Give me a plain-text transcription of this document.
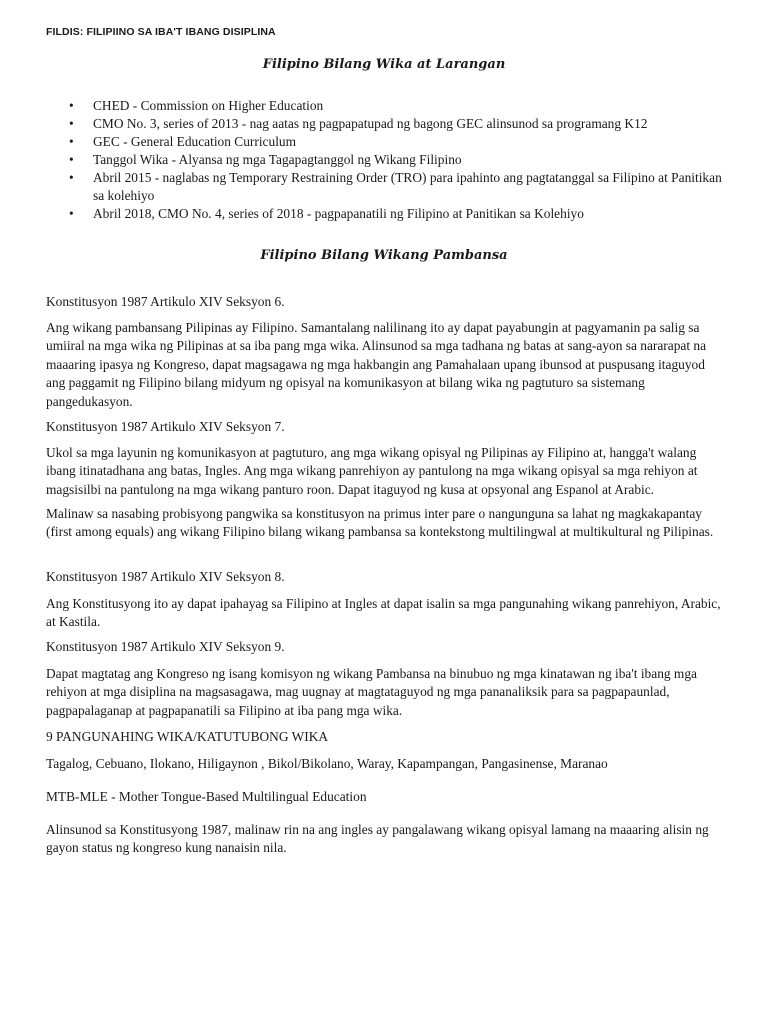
FILDIS: FILIPIINO SA IBA'T IBANG DISIPLINA
Filipino Bilang Wika at Larangan
• CHED - Commission on Higher Education
• CMO No. 3, series of 2013 - nag aatas ng pagpapatupad ng bagong GEC alinsunod sa programang K12
• GEC - General Education Curriculum
• Tanggol Wika - Alyansa ng mga Tagapagtanggol ng Wikang Filipino
• Abril 2015 - naglabas ng Temporary Restraining Order (TRO) para ipahinto ang pagtatanggal sa Filipino at Panitikan sa kolehiyo
• Abril 2018, CMO No. 4, series of 2018 - pagpapanatili ng Filipino at Panitikan sa Kolehiyo
Filipino Bilang Wikang Pambansa

Konstitusyon 1987 Artikulo XIV Seksyon 6.

Ang wikang pambansang Pilipinas ay Filipino. Samantalang nalilinang ito ay dapat payabungin at pagyamanin pa salig sa umiiral na mga wika ng Pilipinas at sa iba pang mga wika. Alinsunod sa mga tadhana ng batas at sang-ayon sa nararapat na maaaring ipasya ng Kongreso, dapat magsagawa ng mga hakbangin ang Pamahalaan upang ibunsod at puspusang itaguyod ang paggamit ng Filipino bilang midyum ng opisyal na komunikasyon at bilang wika ng pagtuturo sa sistemang pangedukasyon.

Konstitusyon 1987 Artikulo XIV Seksyon 7.

Ukol sa mga layunin ng komunikasyon at pagtuturo, ang mga wikang opisyal ng Pilipinas ay Filipino at, hangga't walang ibang itinatadhana ang batas, Ingles. Ang mga wikang panrehiyon ay pantulong na mga wikang opisyal sa mga rehiyon at magsisilbi na pantulong na mga wikang panturo roon. Dapat itaguyod ng kusa at opsyonal ang Espanol at Arabic.

Malinaw sa nasabing probisyong pangwika sa konstitusyon na primus inter pare o nangunguna sa lahat ng magkakapantay (first among equals) ang wikang Filipino bilang wikang pambansa sa kontekstong multilingwal at multikultural ng Pilipinas.

Konstitusyon 1987 Artikulo XIV Seksyon 8.

Ang Konstitusyong ito ay dapat ipahayag sa Filipino at Ingles at dapat isalin sa mga pangunahing wikang panrehiyon, Arabic, at Kastila.

Konstitusyon 1987 Artikulo XIV Seksyon 9.

Dapat magtatag ang Kongreso ng isang komisyon ng wikang Pambansa na binubuo ng mga kinatawan ng iba't ibang mga rehiyon at mga disiplina na magsasagawa, mag uugnay at magtataguyod ng mga pananaliksik para sa pagpapaunlad, pagpapalaganap at pagpapanatili sa Filipino at iba pang mga wika.

9 PANGUNAHING WIKA/KATUTUBONG WIKA

Tagalog, Cebuano, Ilokano, Hiligaynon , Bikol/Bikolano, Waray, Kapampangan, Pangasinense, Maranao

MTB-MLE - Mother Tongue-Based Multilingual Education

Alinsunod sa Konstitusyong 1987, malinaw rin na ang ingles ay pangalawang wikang opisyal lamang na maaaring alisin ng gayon status ng kongreso kung nanaisin nila.
